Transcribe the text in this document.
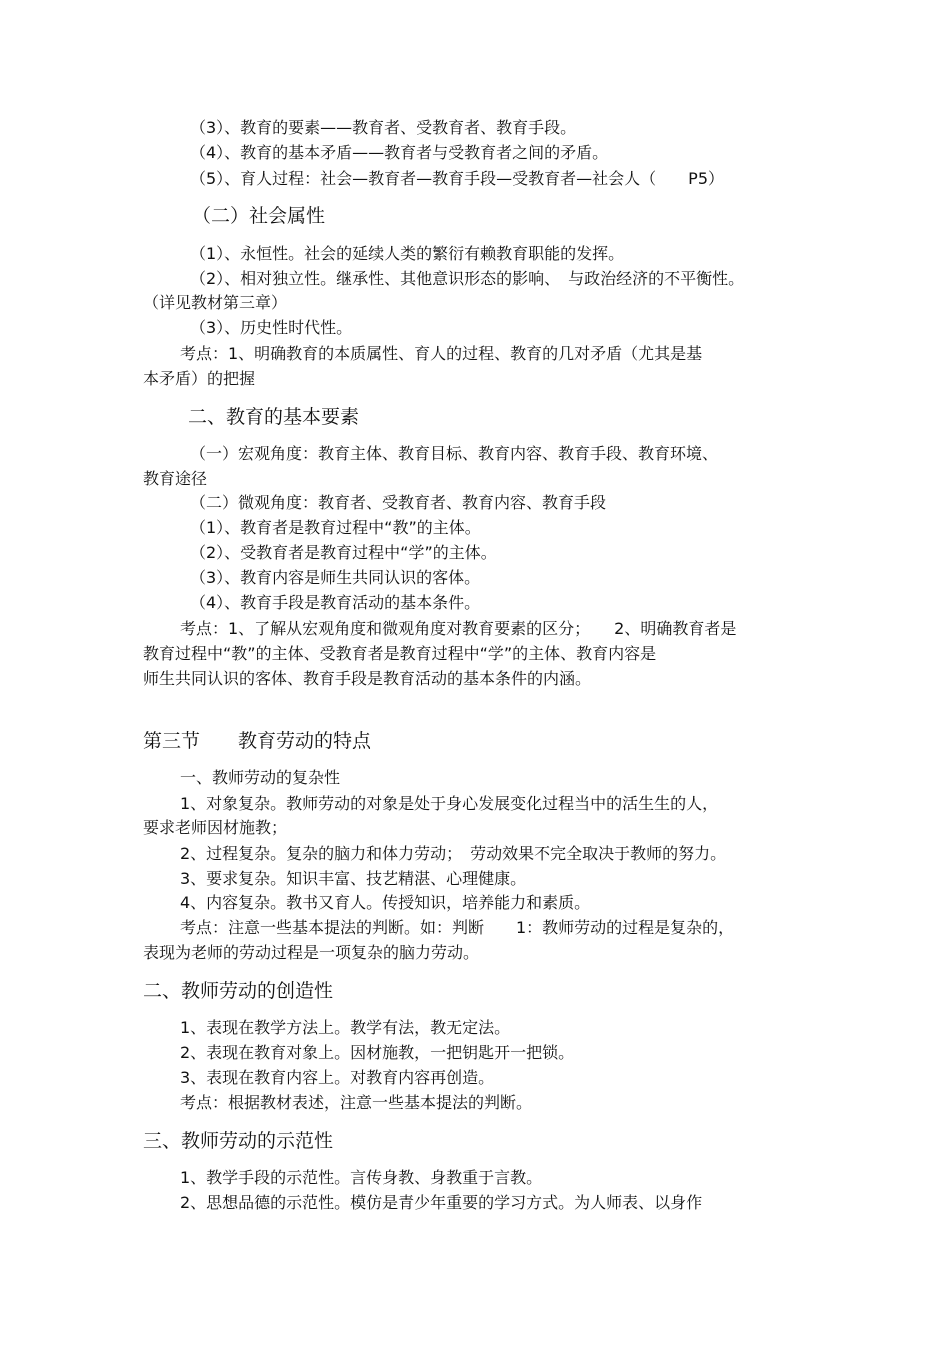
（3）、教育的要素——教育者、受教育者、教育手段。
（4）、教育的基本矛盾——教育者与受教育者之间的矛盾。
（5）、育人过程：社会—教育者—教育手段—受教育者—社会人（　　P5）
（二）社会属性
（1）、永恒性。社会的延续人类的繁衍有赖教育职能的发挥。
（2）、相对独立性。继承性、其他意识形态的影响、　与政治经济的不平衡性。
（详见教材第三章）
（3）、历史性时代性。
考点：1、明确教育的本质属性、育人的过程、教育的几对矛盾（尤其是基
本矛盾）的把握
二、教育的基本要素
（一）宏观角度：教育主体、教育目标、教育内容、教育手段、教育环境、
教育途径
（二）微观角度：教育者、受教育者、教育内容、教育手段
（1）、教育者是教育过程中“教”的主体。
（2）、受教育者是教育过程中“学”的主体。
（3）、教育内容是师生共同认识的客体。
（4）、教育手段是教育活动的基本条件。
考点：1、了解从宏观角度和微观角度对教育要素的区分；　　2、明确教育者是
教育过程中“教”的主体、受教育者是教育过程中“学”的主体、教育内容是
师生共同认识的客体、教育手段是教育活动的基本条件的内涵。
第三节　　教育劳动的特点
一、教师劳动的复杂性
1、对象复杂。教师劳动的对象是处于身心发展变化过程当中的活生生的人，
要求老师因材施教；
2、过程复杂。复杂的脑力和体力劳动；　劳动效果不完全取决于教师的努力。
3、要求复杂。知识丰富、技艺精湛、心理健康。
4、内容复杂。教书又育人。传授知识，培养能力和素质。
考点：注意一些基本提法的判断。如：判断　　1：教师劳动的过程是复杂的，
表现为老师的劳动过程是一项复杂的脑力劳动。
二、教师劳动的创造性
1、表现在教学方法上。教学有法，教无定法。
2、表现在教育对象上。因材施教，一把钥匙开一把锁。
3、表现在教育内容上。对教育内容再创造。
考点：根据教材表述，注意一些基本提法的判断。
三、教师劳动的示范性
1、教学手段的示范性。言传身教、身教重于言教。
2、思想品德的示范性。模仿是青少年重要的学习方式。为人师表、以身作
